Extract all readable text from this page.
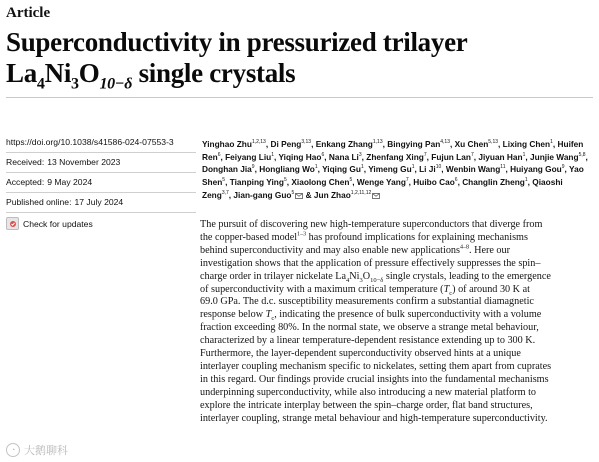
Article
Superconductivity in pressurized trilayer
$La_4Ni_3O_{10-\delta}$ single crystals
https://doi.org/10.1038/s41586-024-07553-3
Received: 13 November 2023
Accepted: 9 May 2024
Published online: 17 July 2024
Check for updates
Yinghao Zhu$^{1,2,13}$, Di Peng$^{3,13}$, Enkang Zhang$^{1,13}$, Bingying Pan$^{4,13}$, Xu Chen$^{5,13}$, Lixing Chen$^1$, Huifen Ren$^6$, Feiyang Liu$^1$, Yiqing Hao$^6$, Nana Li$^3$, Zhenfang Xing$^7$, Fujun Lan$^7$, Jiyuan Han$^1$, Junjie Wang$^{5,8}$, Donghan Jia$^9$, Hongliang Wo$^1$, Yiqing Gu$^1$, Yimeng Gu$^1$, Li Ji$^{10}$, Wenbin Wang$^{11}$, Huiyang Gou$^9$, Yao Shen$^5$, Tianping Ying$^5$, Xiaolong Chen$^5$, Wenge Yang$^7$, Huibo Cao$^6$, Changlin Zheng$^1$, Qiaoshi Zeng$^{3,7}$, Jian-gang Guo$^5$ & Jun Zhao$^{1,2,11,12}$
The pursuit of discovering new high-temperature superconductors that diverge from
the copper-based model$^{1-3}$ has profound implications for explaining mechanisms
behind superconductivity and may also enable new applications$^{4-8}$. Here our
investigation shows that the application of pressure effectively suppresses the spin–
charge order in trilayer nickelate $La_4Ni_3O_{10-\delta}$ single crystals, leading to the emergence
of superconductivity with a maximum critical temperature $(T_c)$ of around 30 K at
69.0 GPa. The d.c. susceptibility measurements confirm a substantial diamagnetic
response below $T_c$, indicating the presence of bulk superconductivity with a volume
fraction exceeding 80%. In the normal state, we observe a strange metal behaviour,
characterized by a linear temperature-dependent resistance extending up to 300 K.
Furthermore, the layer-dependent superconductivity observed hints at a unique
interlayer coupling mechanism specific to nickelates, setting them apart from cuprates
in this regard. Our findings provide crucial insights into the fundamental mechanisms
underpinning superconductivity, while also introducing a new material platform to
explore the intricate interplay between the spin–charge order, flat band structures,
interlayer coupling, strange metal behaviour and high-temperature superconductivity.
◔ 大鹅聊科
